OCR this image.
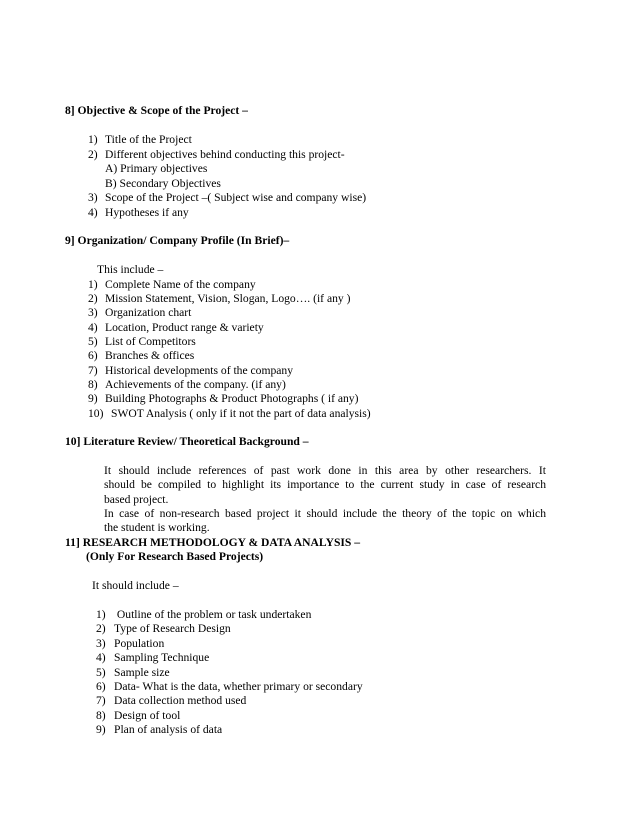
8] Objective & Scope of the Project –
1) Title of the Project
2) Different objectives behind conducting this project-
A) Primary objectives
B) Secondary Objectives
3) Scope of the Project –( Subject wise and company wise)
4) Hypotheses if any
9] Organization/ Company Profile (In Brief)–
This include –
1) Complete Name of the company
2) Mission Statement, Vision, Slogan, Logo…. (if any )
3) Organization chart
4) Location, Product range & variety
5) List of Competitors
6) Branches & offices
7) Historical developments of the company
8) Achievements of the company. (if any)
9) Building Photographs & Product Photographs ( if any)
10) SWOT Analysis ( only if it not the part of data analysis)
10] Literature Review/ Theoretical Background –
It should include references of past work done in this area by other researchers. It
should be compiled to highlight its importance to the current study in case of research
based project.
In case of non-research based project it should include the theory of the topic on which
the student is working.
11] RESEARCH METHODOLOGY & DATA ANALYSIS –
(Only For Research Based Projects)
It should include –
1) Outline of the problem or task undertaken
2) Type of Research Design
3) Population
4) Sampling Technique
5) Sample size
6) Data- What is the data, whether primary or secondary
7) Data collection method used
8) Design of tool
9) Plan of analysis of data
